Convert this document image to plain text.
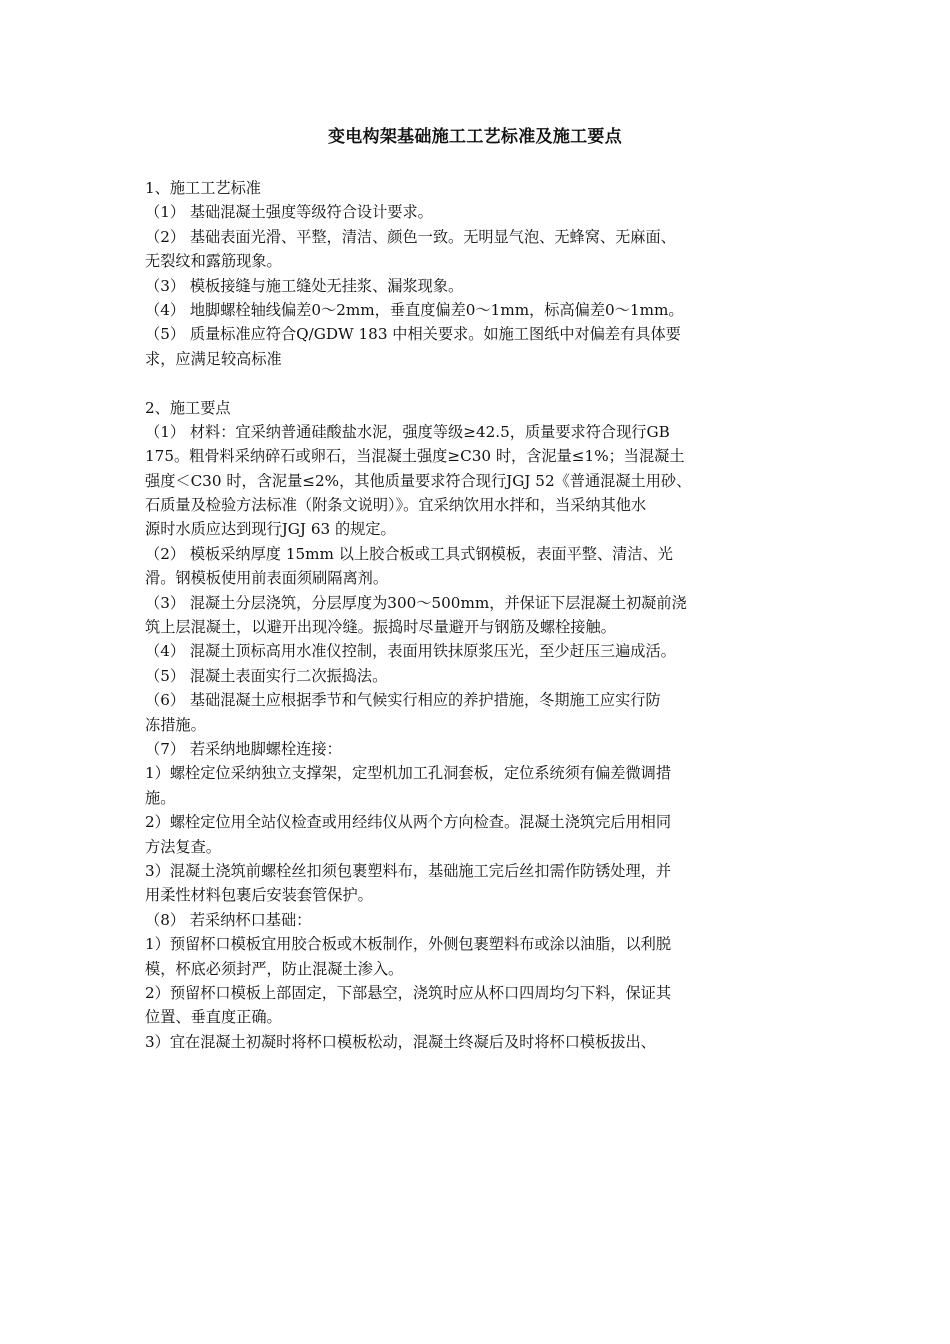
变电构架基础施工工艺标准及施工要点
1、施工工艺标准
（1） 基础混凝土强度等级符合设计要求。
（2） 基础表面光滑、平整，清洁、颜色一致。无明显气泡、无蜂窝、无麻面、
无裂纹和露筋现象。
（3） 模板接缝与施工缝处无挂浆、漏浆现象。
（4） 地脚螺栓轴线偏差0～2mm，垂直度偏差0～1mm，标高偏差0～1mm。
（5） 质量标准应符合Q/GDW 183 中相关要求。如施工图纸中对偏差有具体要
求，应满足较高标准
2、施工要点
（1） 材料：宜采纳普通硅酸盐水泥，强度等级≥42.5，质量要求符合现行GB
175。粗骨料采纳碎石或卵石，当混凝土强度≥C30 时，含泥量≤1%；当混凝土
强度＜C30 时，含泥量≤2%，其他质量要求符合现行JGJ 52《普通混凝土用砂、
石质量及检验方法标准（附条文说明）》。宜采纳饮用水拌和，当采纳其他水
源时水质应达到现行JGJ 63 的规定。
（2） 模板采纳厚度 15mm 以上胶合板或工具式钢模板，表面平整、清洁、光
滑。钢模板使用前表面须刷隔离剂。
（3） 混凝土分层浇筑，分层厚度为300～500mm，并保证下层混凝土初凝前浇
筑上层混凝土，以避开出现冷缝。振捣时尽量避开与钢筋及螺栓接触。
（4） 混凝土顶标高用水准仪控制，表面用铁抹原浆压光，至少赶压三遍成活。
（5） 混凝土表面实行二次振捣法。
（6） 基础混凝土应根据季节和气候实行相应的养护措施，冬期施工应实行防
冻措施。
（7） 若采纳地脚螺栓连接：
1）螺栓定位采纳独立支撑架，定型机加工孔洞套板，定位系统须有偏差微调措
施。
2）螺栓定位用全站仪检查或用经纬仪从两个方向检查。混凝土浇筑完后用相同
方法复查。
3）混凝土浇筑前螺栓丝扣须包裹塑料布，基础施工完后丝扣需作防锈处理，并
用柔性材料包裹后安装套管保护。
（8） 若采纳杯口基础：
1）预留杯口模板宜用胶合板或木板制作，外侧包裹塑料布或涂以油脂，以利脱
模，杯底必须封严，防止混凝土渗入。
2）预留杯口模板上部固定，下部悬空，浇筑时应从杯口四周均匀下料，保证其
位置、垂直度正确。
3）宜在混凝土初凝时将杯口模板松动，混凝土终凝后及时将杯口模板拔出、
